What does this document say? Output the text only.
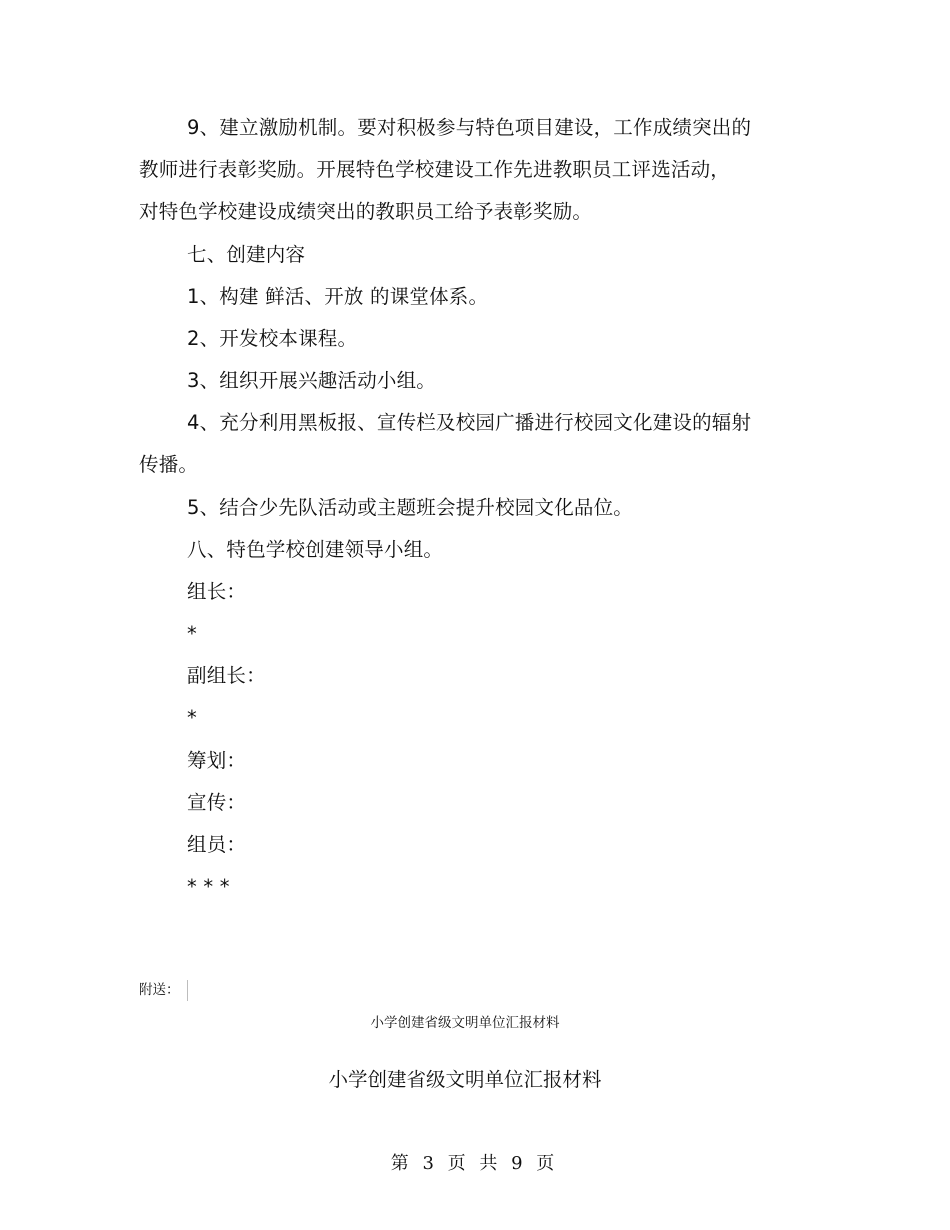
9、建立激励机制。要对积极参与特色项目建设，工作成绩突出的
教师进行表彰奖励。开展特色学校建设工作先进教职员工评选活动，
对特色学校建设成绩突出的教职员工给予表彰奖励。
七、创建内容
1、构建 鲜活、开放 的课堂体系。
2、开发校本课程。
3、组织开展兴趣活动小组。
4、充分利用黑板报、宣传栏及校园广播进行校园文化建设的辐射
传播。
5、结合少先队活动或主题班会提升校园文化品位。
八、特色学校创建领导小组。
组长：
*
副组长：
*
筹划：
宣传：
组员：
* * *
附送：
小学创建省级文明单位汇报材料
小学创建省级文明单位汇报材料
第 3 页 共 9 页
